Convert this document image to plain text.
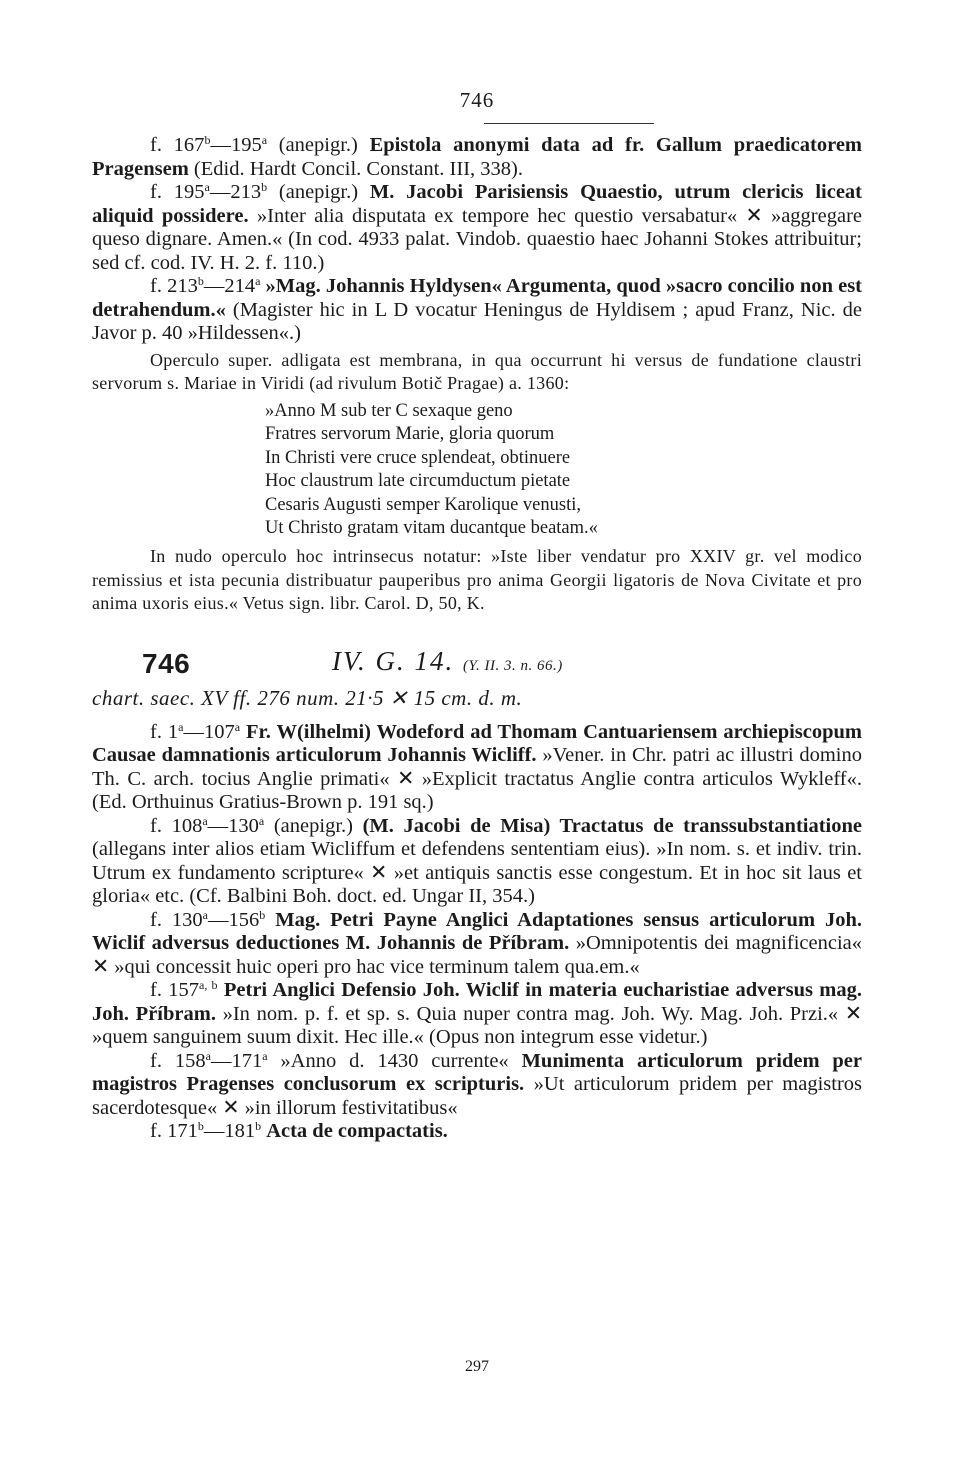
746

f. 167$^b$—195$^a$ (anepigr.) Epistola anonymi data ad fr. Gallum praedicatorem Pragensem (Edid. Hardt Concil. Constant. III, 338).

f. 195$^a$—213$^b$ (anepigr.) M. Jacobi Parisiensis Quaestio, utrum clericis liceat aliquid possidere. »Inter alia disputata ex tempore hec questio versabatur« ✕ »aggregare queso dignare. Amen.« (In cod. 4933 palat. Vindob. quaestio haec Johanni Stokes attribuitur; sed cf. cod. IV. H. 2. f. 110.)

f. 213$^b$—214$^a$ »Mag. Johannis Hyldysen« Argumenta, quod »sacro concilio non est detrahendum.« (Magister hic in L D vocatur Heningus de Hyldisem ; apud Franz, Nic. de Javor p. 40 »Hildessen«.)

Operculo super. adligata est membrana, in qua occurrunt hi versus de fundatione claustri servorum s. Mariae in Viridi (ad rivulum Botič Pragae) a. 1360:

»Anno M sub ter C sexaque geno
Fratres servorum Marie, gloria quorum
In Christi vere cruce splendeat, obtinuere
Hoc claustrum late circumductum pietate
Cesaris Augusti semper Karolique venusti,
Ut Christo gratam vitam ducantque beatam.«

In nudo operculo hoc intrinsecus notatur: »Iste liber vendatur pro XXIV gr. vel modico remissius et ista pecunia distribuatur pauperibus pro anima Georgii ligatoris de Nova Civitate et pro anima uxoris eius.« Vetus sign. libr. Carol. D, 50, K.

746	IV. G. 14. (Y. II. 3. n. 66.)
chart. saec. XV ff. 276 num. 21·5 ✕ 15 cm. d. m.

f. 1$^a$—107$^a$ Fr. W(ilhelmi) Wodeford ad Thomam Cantuariensem archiepiscopum Causae damnationis articulorum Johannis Wicliff. »Vener. in Chr. patri ac illustri domino Th. C. arch. tocius Anglie primati« ✕ »Explicit tractatus Anglie contra articulos Wykleff«. (Ed. Orthuinus Gratius-Brown p. 191 sq.)

f. 108$^a$—130$^a$ (anepigr.) (M. Jacobi de Misa) Tractatus de transsubstantiatione (allegans inter alios etiam Wicliffum et defendens sententiam eius). »In nom. s. et indiv. trin. Utrum ex fundamento scripture« ✕ »et antiquis sanctis esse congestum. Et in hoc sit laus et gloria« etc. (Cf. Balbini Boh. doct. ed. Ungar II, 354.)

f. 130$^a$—156$^b$ Mag. Petri Payne Anglici Adaptationes sensus articulorum Joh. Wiclif adversus deductiones M. Johannis de Příbram. »Omnipotentis dei magnificencia« ✕ »qui concessit huic operi pro hac vice terminum talem qua.em.«

f. 157$^{a, b}$ Petri Anglici Defensio Joh. Wiclif in materia eucharistiae adversus mag. Joh. Příbram. »In nom. p. f. et sp. s. Quia nuper contra mag. Joh. Wy. Mag. Joh. Przi.« ✕ »quem sanguinem suum dixit. Hec ille.« (Opus non integrum esse videtur.)

f. 158$^a$—171$^a$ »Anno d. 1430 currente« Munimenta articulorum pridem per magistros Pragenses conclusorum ex scripturis. »Ut articulorum pridem per magistros sacerdotesque« ✕ »in illorum festivitatibus«

f. 171$^b$—181$^b$ Acta de compactatis.

297
